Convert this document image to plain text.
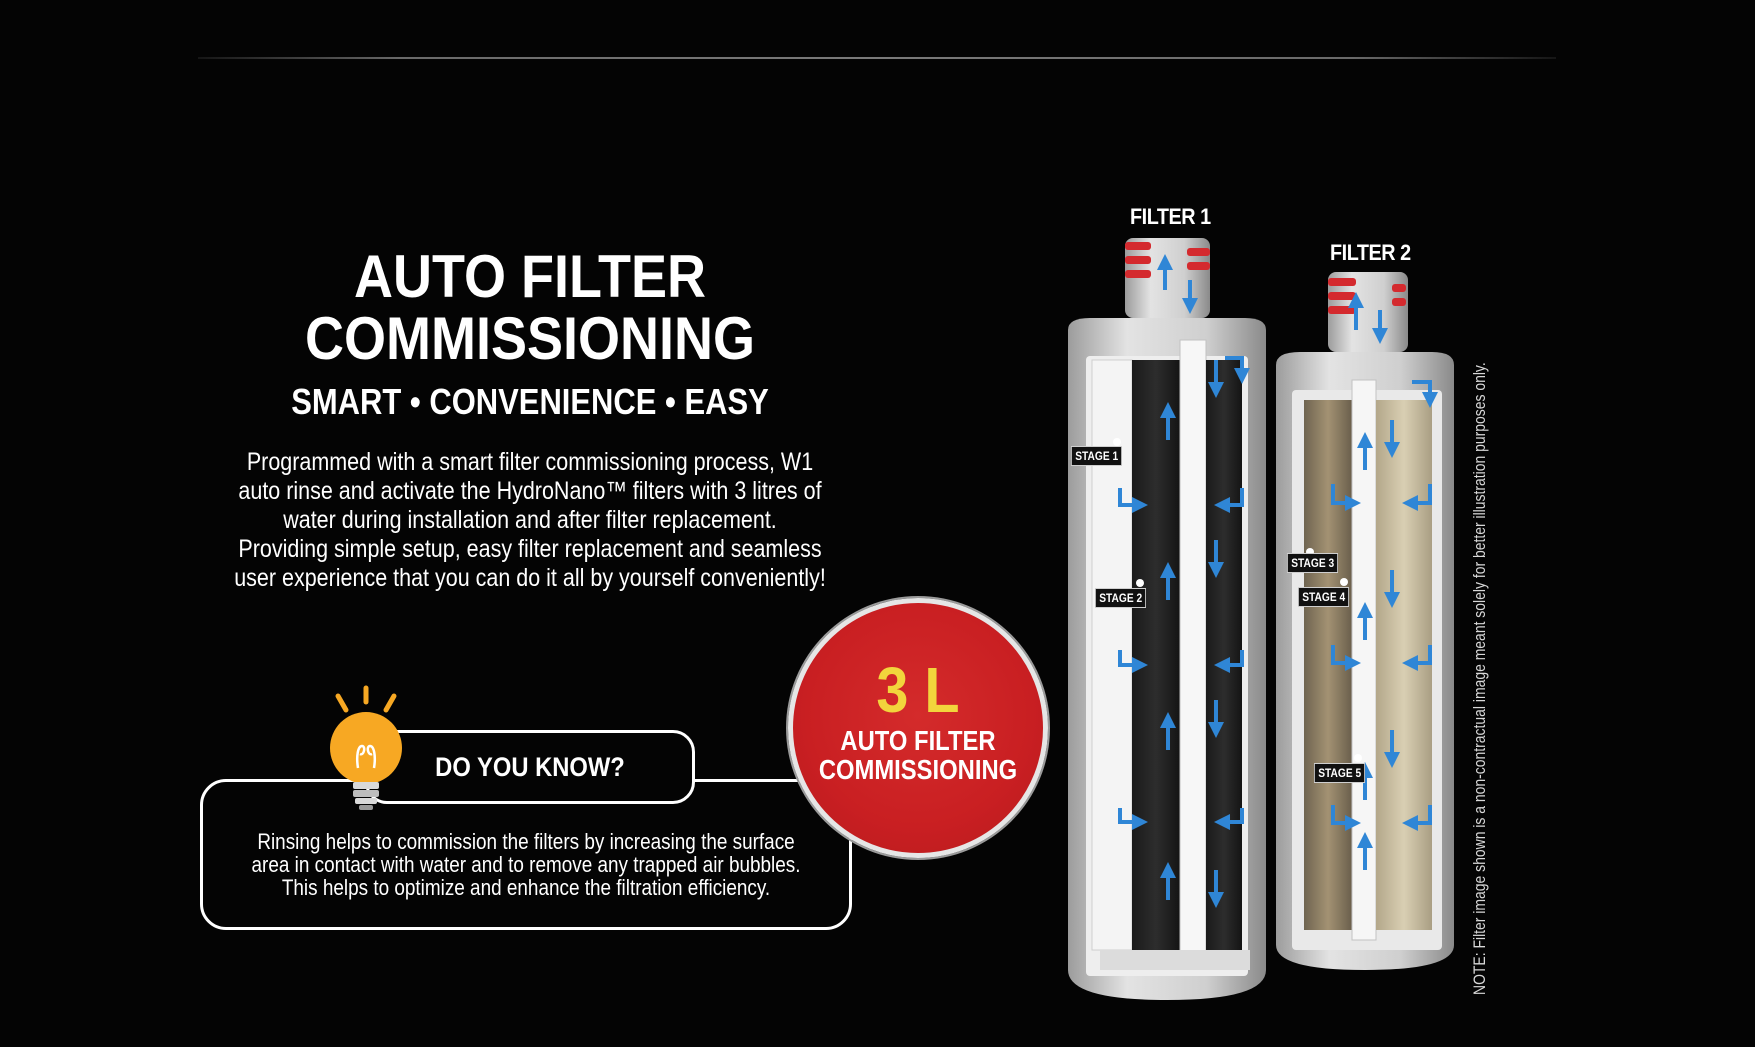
AUTO FILTER
COMMISSIONING
SMART • CONVENIENCE • EASY
Programmed with a smart filter commissioning process, W1
auto rinse and activate the HydroNano™ filters with 3 litres of
water during installation and after filter replacement.
Providing simple setup, easy filter replacement and seamless
user experience that you can do it all by yourself conveniently!
DO YOU KNOW?
Rinsing helps to commission the filters by increasing the surface
area in contact with water and to remove any trapped air bubbles.
This helps to optimize and enhance the filtration efficiency.
3 L
AUTO FILTER
COMMISSIONING
FILTER 1
FILTER 2
STAGE 1
STAGE 2
STAGE 3
STAGE 4
STAGE 5	NOTE: Filter image shown is a non-contractual image meant solely for better illustration purposes only.
